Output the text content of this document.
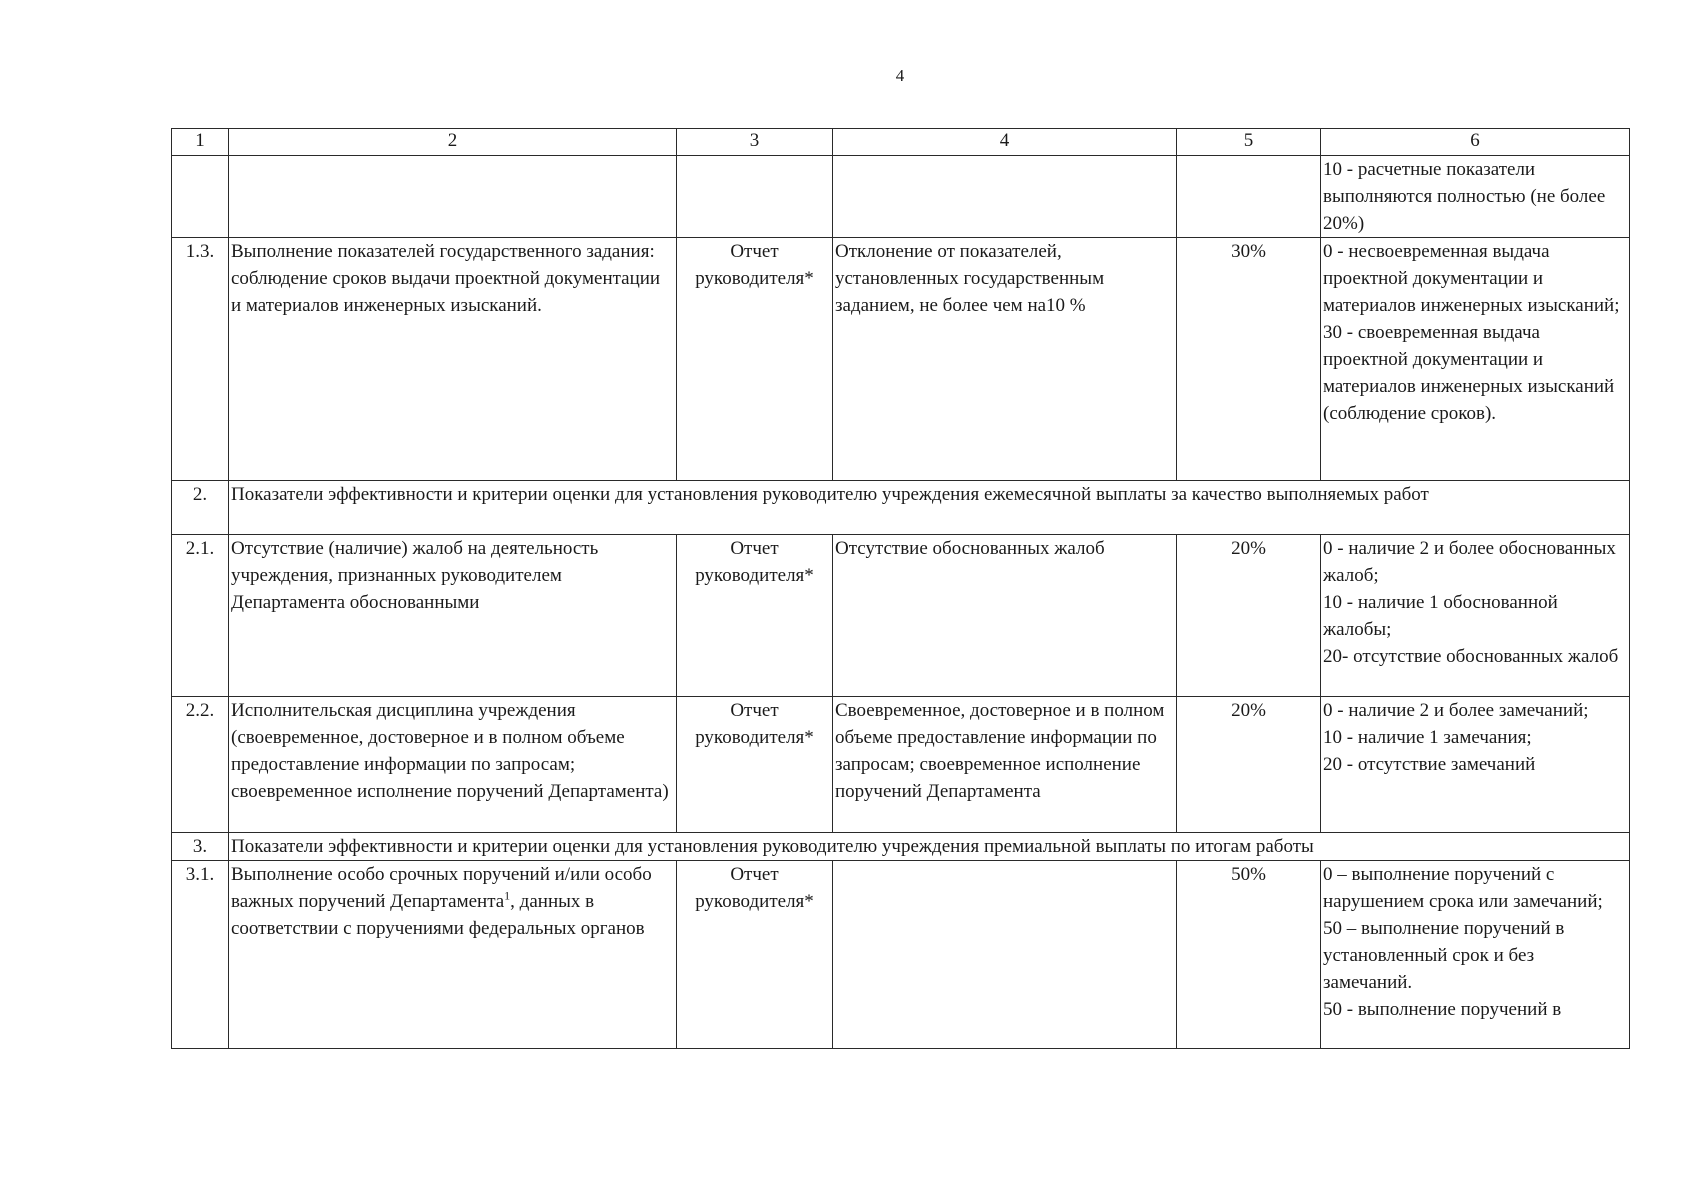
4
1	2	3	4	5	6

					10 - расчетные показатели выполняются полностью (не более 20%)

1.3.	Выполнение показателей государственного задания: соблюдение сроков выдачи проектной документации и материалов инженерных изысканий.	Отчет руководителя*	Отклонение от показателей, установленных государственным заданием, не более чем на10 %	30%	0 - несвоевременная выдача проектной документации и материалов инженерных изысканий;
30 - своевременная выдача проектной документации и материалов инженерных изысканий (соблюдение сроков).

2.	Показатели эффективности и критерии оценки для установления руководителю учреждения ежемесячной выплаты за качество выполняемых работ				
2.1.	Отсутствие (наличие) жалоб на деятельность учреждения, признанных руководителем Департамента обоснованными	Отчет руководителя*	Отсутствие обоснованных жалоб	20%	0 - наличие 2 и более обоснованных жалоб;
10 - наличие 1 обоснованной жалобы;
20- отсутствие обоснованных жалоб

2.2.	Исполнительская дисциплина учреждения (своевременное, достоверное и в полном объеме предоставление информации по запросам; своевременное исполнение поручений Департамента)	Отчет руководителя*	Своевременное, достоверное и в полном объеме предоставление информации по запросам; своевременное исполнение поручений Департамента	20%	0 - наличие 2 и более замечаний;
10 - наличие 1 замечания;
20 - отсутствие замечаний

3.	Показатели эффективности и критерии оценки для установления руководителю учреждения премиальной выплаты по итогам работы				
3.1.	Выполнение особо срочных поручений и/или особо важных поручений Департамента$^1$, данных в соответствии с поручениями федеральных органов	Отчет руководителя*		50%	0 – выполнение поручений с нарушением срока или замечаний;
50 – выполнение поручений в установленный срок и без замечаний.
50 - выполнение поручений в
